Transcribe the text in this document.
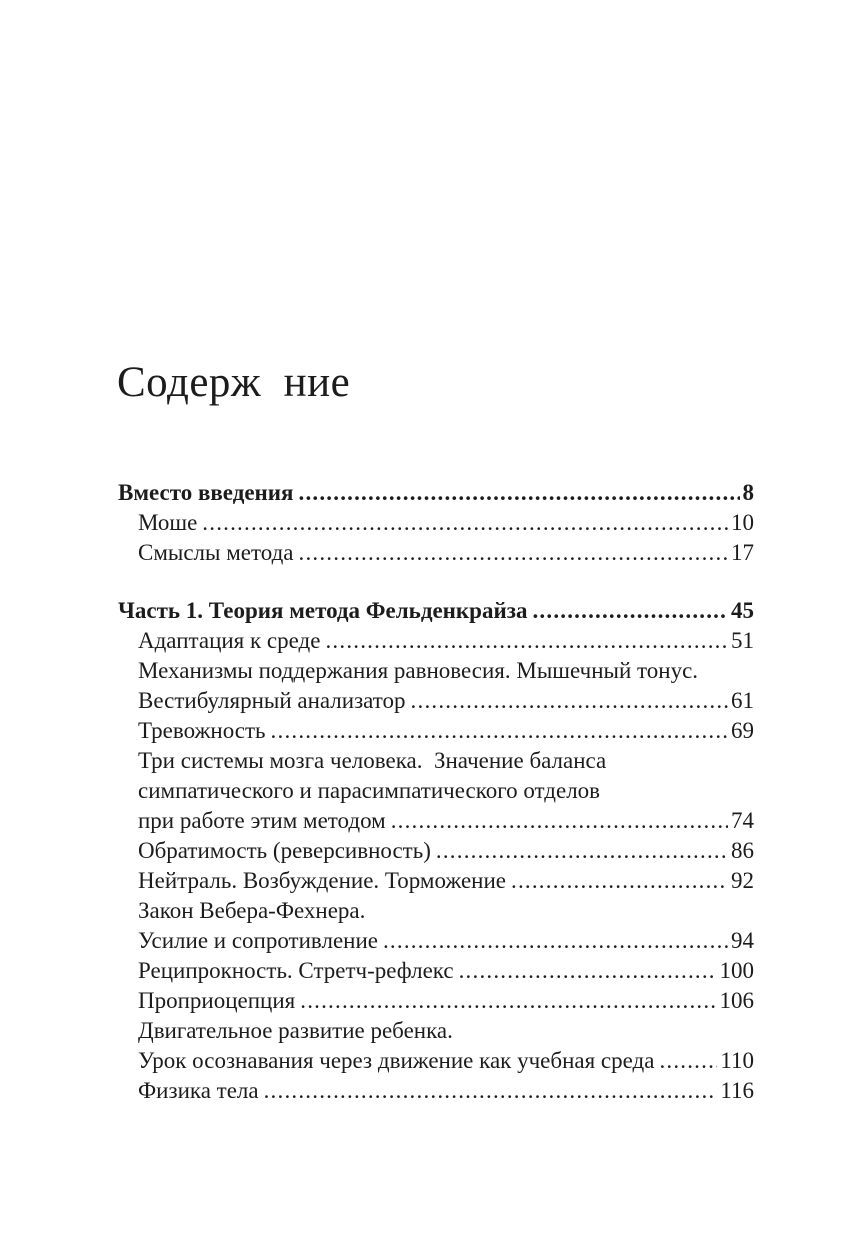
Содерж  ние
Вместо введения .....	8
Моше .....	10
Смыслы метода .....	17
Часть 1. Теория метода Фельденкрайза .....	45
Адаптация к среде .....	51
Механизмы поддержания равновесия. Мышечный тонус.
Вестибулярный анализатор .....	61
Тревожность .....	69
Три системы мозга человека.  Значение баланса
симпатического и парасимпатического отделов
при работе этим методом .....	74
Обратимость (реверсивность) .....	86
Нейтраль. Возбуждение. Торможение .....	92
Закон Вебера-Фехнера.
Усилие и сопротивление .....	94
Реципрокность. Стретч-рефлекс .....	100
Проприоцепция .....	106
Двигательное развитие ребенка.
Урок осознавания через движение как учебная среда .....	110
Физика тела .....	116
